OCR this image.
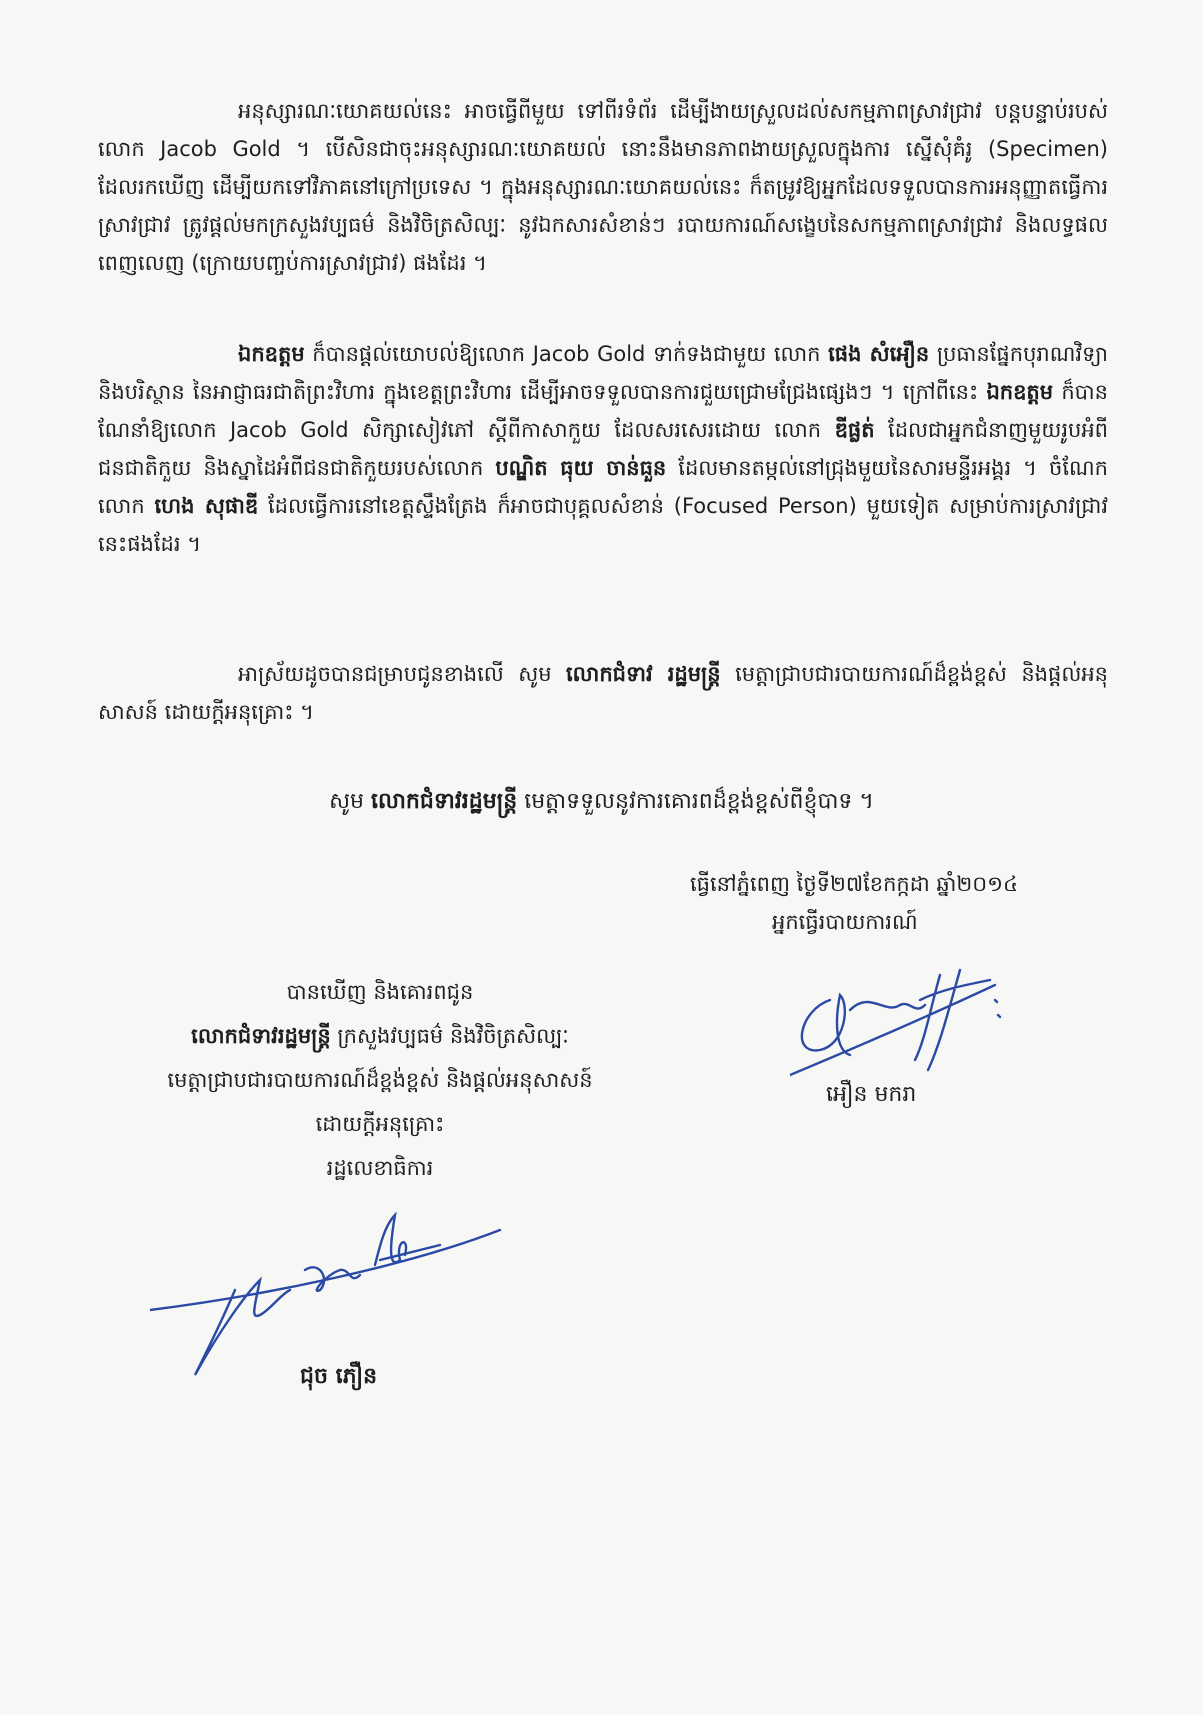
អនុស្សារណៈយោគយល់នេះ អាចធ្វើពីមួយ ទៅពីរទំព័រ ដើម្បីងាយស្រួលដល់សកម្មភាពស្រាវជ្រាវ បន្តបន្ទាប់របស់លោក Jacob Gold ។ បើសិនជាចុះអនុស្សារណៈយោគយល់ នោះនឹងមានភាពងាយស្រួលក្នុងការ ស្នើសុំគំរូ (Specimen) ដែលរកឃើញ ដើម្បីយកទៅវិភាគនៅក្រៅប្រទេស ។ ក្នុងអនុស្សារណៈយោគយល់នេះ ក៏តម្រូវឱ្យអ្នកដែលទទួលបានការអនុញ្ញាតធ្វើការស្រាវជ្រាវ ត្រូវផ្តល់មកក្រសួងវប្បធម៌ និងវិចិត្រសិល្បៈ នូវឯកសារសំខាន់ៗ របាយការណ៍សង្ខេបនៃសកម្មភាពស្រាវជ្រាវ និងលទ្ធផលពេញលេញ (ក្រោយបញ្ចប់ការស្រាវជ្រាវ) ផងដែរ ។

ឯកឧត្តម ក៏បានផ្តល់យោបល់ឱ្យលោក Jacob Gold ទាក់ទងជាមួយ លោក ផេង សំអឿន ប្រធានផ្នែកបុរាណវិទ្យា និងបរិស្ថាន នៃអាជ្ញាធរជាតិព្រះវិហារ ក្នុងខេត្តព្រះវិហារ ដើម្បីអាចទទួលបានការជួយជ្រោមជ្រែងផ្សេងៗ ។ ក្រៅពីនេះ ឯកឧត្តម ក៏បានណែនាំឱ្យលោក Jacob Gold សិក្សាសៀវភៅ ស្តីពីកាសាកួយ ដែលសរសេរដោយ លោក ឌីផ្លត់ ដែលជាអ្នកជំនាញមួយរូបអំពីជនជាតិកួយ និងស្នាដៃអំពីជនជាតិកួយរបស់លោក បណ្ឌិត ធុយ ចាន់ធួន ដែលមានតម្កល់នៅជ្រុងមួយនៃសារមន្ទីរអង្គរ ។ ចំណែក លោក ហេង សុផាឌី ដែលធ្វើការនៅខេត្តស្ទឹងត្រែង ក៏អាចជាបុគ្គលសំខាន់ (Focused Person) មួយទៀត សម្រាប់ការស្រាវជ្រាវនេះផងដែរ ។

អាស្រ័យដូចបានជម្រាបជូនខាងលើ សូម លោកជំទាវ រដ្ឋមន្ត្រី មេត្តាជ្រាបជារបាយការណ៍ដ៏ខ្ពង់ខ្ពស់ និងផ្តល់អនុសាសន៍ ដោយក្តីអនុគ្រោះ ។

សូម លោកជំទាវរដ្ឋមន្ត្រី មេត្តាទទួលនូវការគោរពដ៏ខ្ពង់ខ្ពស់ពីខ្ញុំបាទ ។
ធ្វើនៅភ្នំពេញ ថ្ងៃទី២៧ខែកក្កដា ឆ្នាំ២០១៤
អ្នកធ្វើរបាយការណ៍
អឿន មករា
បានឃើញ និងគោរពជូន
លោកជំទាវរដ្ឋមន្ត្រី ក្រសួងវប្បធម៌ និងវិចិត្រសិល្បៈ
មេត្តាជ្រាបជារបាយការណ៍ដ៏ខ្ពង់ខ្ពស់ និងផ្តល់អនុសាសន៍
ដោយក្តីអនុគ្រោះ
រដ្ឋលេខាធិការ
ជុច ភឿន
